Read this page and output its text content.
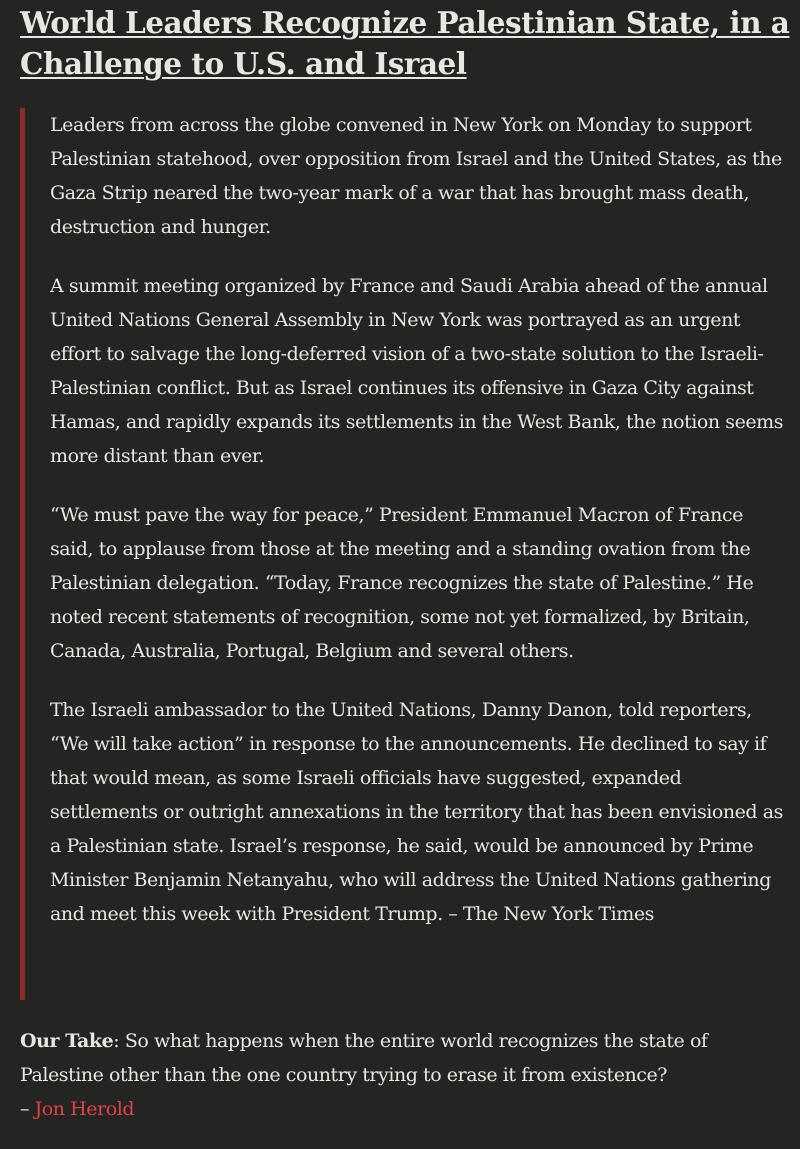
World Leaders Recognize Palestinian State, in a Challenge to U.S. and Israel

Leaders from across the globe convened in New York on Monday to support Palestinian statehood, over opposition from Israel and the United States, as the Gaza Strip neared the two-year mark of a war that has brought mass death, destruction and hunger.

A summit meeting organized by France and Saudi Arabia ahead of the annual United Nations General Assembly in New York was portrayed as an urgent effort to salvage the long-deferred vision of a two-state solution to the Israeli-Palestinian conflict. But as Israel continues its offensive in Gaza City against Hamas, and rapidly expands its settlements in the West Bank, the notion seems more distant than ever.

“We must pave the way for peace,” President Emmanuel Macron of France said, to applause from those at the meeting and a standing ovation from the Palestinian delegation. “Today, France recognizes the state of Palestine.” He noted recent statements of recognition, some not yet formalized, by Britain, Canada, Australia, Portugal, Belgium and several others.

The Israeli ambassador to the United Nations, Danny Danon, told reporters, “We will take action” in response to the announcements. He declined to say if that would mean, as some Israeli officials have suggested, expanded settlements or outright annexations in the territory that has been envisioned as a Palestinian state. Israel’s response, he said, would be announced by Prime Minister Benjamin Netanyahu, who will address the United Nations gathering and meet this week with President Trump. – The New York Times

Our Take: So what happens when the entire world recognizes the state of Palestine other than the one country trying to erase it from existence?
– Jon Herold
